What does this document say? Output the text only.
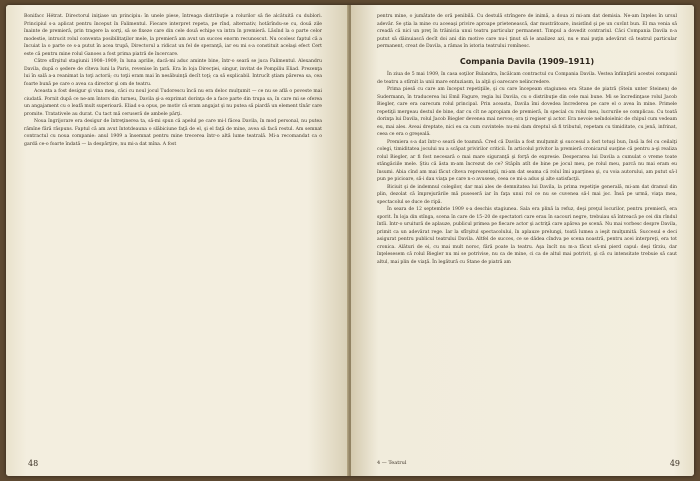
Bonifacc Hétrat. Directorul iniţiase un principiu: în unele piese, întreaga distribuţie a rolurilor să fie alcătuită cu dublori. Principiul s-a aplicat pentru început în Falimentul. Fiecare interpret repeta, pe rînd, alternativ, hotărîndu-se cu, două zile înainte de premieră, prin tragere la sorţi, să se fixeze care din cele două echipe va intra în premieră. Lăsînd la o parte celor modestie, intrucit rolul conventa posibilitaţilor mele, la premieră am avut un succes enorm recunoscut. Nu ocolesc faptul că a încuiat la o parte ce s-a putut în acea trupă, Directorul a ridicat un fel de speranţă, iar eu mi s-a constituit acelaşi efect Cert este că pentru mine rolul Ganoes a fost prima piatră de încercare.

Către sfîrşitul stagiunii 1908–1909, în luna aprilie, dacă-mi aduc aminte bine, într-o seară se juca Falimentul. Alexandru Davila, după o şedere de cîteva luni la Paris, revenise în ţară. Era în loja Direcţiei, singur, invitat de Pompiliu Eliad. Prezenţa lui în sală a-a reanimat la toţi actorii; cu toţii eram mai în nesăbuinţă decît toţi; ca să explicabil. Intrucît ştiam părerea sa, cea foarte bună pe care o avea ca director şi om de teatru.

Aceasta a fost desigur şi vina mea, căci cu noul jocul Tudorescu încă nu era deloc mulţumit — ce nu se află o poveste mai ciudată. Pornit după ce ne-am întors din turneu, Davila şi-a exprimat dorinţa de a face parte din trupa sa, în care mi se oferea un angajament cu o leafă mult superioară. Eliad s-a opus, pe motiv că eram angajat şi nu putea să piardă un element tînăr care promite. Tratativele au durat. Cu tact mă ceruseră de ambele părţi.

Noua îngrijorare era desigur de întreţinerea ta, să-mi spun că apelul pe care mi-l făcea Davila, în mod personal, nu putea rămîne fără răspuns. Faptul că am avut întotdeauna o slăbiciune faţă de el, şi el faţă de mine, avea să facă restul. Am semnat contractul cu noua companie: anul 1909 a însemnat pentru mine trecerea într-o altă lume teatrală. Mi-a recomandat ca o gardă ce-o foarte îndată — la despărţire, nu mi-a dat mîna. A fost

48

pentru mine, o jumătate de oră penibilă. Cu destulă strîngere de inimă, a doua zi mi-am dat demisia. Ne-am înţeles în ursul adevăr. Se ştia la mine cu aceeaşi privire aproape prietenească, dar mustrătoare, insistînd şi pe un cuvînt bun. El ma venia să creadă că nici un preţ în trăinicia unui teatru particular permanent. Timpul a dovedit contrariul. Căci Compania Davila n-a putut să dăinuiască decît doi ani din motive care nu-i ţinut să le analizez azi, nu e mai puţin adevărat că teatrul particular permanent, creat de Davila, a rămas în istoria teatrului romînesc.

Compania Davila (1909–1911)

În ziua de 5 mai 1909, în casa soţilor Bulandra, încălcam contractul cu Compania Davila. Vestea înfiinţării acestei companii de teatru a stîrnit la unii mare entuziasm, la alţii şi oarecare nelincredere.

Prima piesă cu care am început repetiţiile, şi cu care începeam stagiunea era Stane de piatră (Stein unter Steinen) de Sudermann, în traducerea lui Emil Fagure, regia lui Davila, cu o distribuţie din cele mai bune. Mi se încredinţase rolul Jacob Biegler, care era oarecum rolul principal. Prin aceasta, Davila îmi dovedea încrederea pe care el o avea în mine. Primele repetiţii mergeau destul de bine, dar cu cît ne apropiam de premieră, în special cu rolul meu, lucrurile se complicau. Cu toată dorinţa lui Davila, rolul Jacob Biegler devenea mai nervos; ora ţi regiser şi actor. Era nevoie neîndoielnic de chipul cum vedeam eu, mai ales. Aveai dreptate, nici eu ca cum cuvintele: nu-mi dam dreptul să fi tributul, repetam cu timiditate, cu jenă, infrinat, ceea ce era o greşeală.

Premiera s-a dat într-o seară de toamnă. Cred că Davila a fost mulţumit şi succesul a fost totuşi bun, însă la fel cu ceilalţi colegi, timiditatea jocului nu a scăpat privirilor criticii. În articolul privitor la premieră cronicarul susţine că pentru a-şi realiza rolul Biegler, ar fi fost necesară o mai mare siguranţă şi forţă de expresie. Desperarea lui Davila a cumulat o vreme toate stăngăciile mele. Ştiu că ăsta m-am încrezut de ce? Stăpîn atît de bine pe jocul meu, pe rolul meu, parcă nu mai eram eu însumi. Abia cînd am mai făcut cîteva reprezentaţii, mi-am dat seama că rolul îmi aparţinea şi, cu voia autorului, am putut să-l pun pe picioare, să-i dau viaţa pe care n-o avusese, ceea ce mi-a adus şi alte satisfacţii.

Biciuit şi de indemnul colegilor, dar mai ales de demnitatea lui Davila, la prima repetiţie generală, mi-am dat dramul din plin, dezolat că împrejurările mă puseseră iar în faţa unui rol ce nu se cuvenea să-l mai joc. Însă pe urmă, viaţa mea, spectacolul se duce de ripă.

În seara de 12 septembrie 1909 s-a deschis stagiunea. Sala era plină la refuz, deşi preţul locurilor, pentru premieră, era sporit. În loja din stînga, scena în care de 15–20 de spectatori care erau în sacouri negre, trebuiau să întreacă pe cei din rîndul întîi. Intr-o uruitură de aplauze, publicul primea pe fiecare actor şi actriţă care apărea pe scenă. Nu mai vorbesc despre Davila, primit ca un adevărat rege. Iar la sfîrşitul spectacolului, în aplauze prelungi, toată lumea a ieşit mulţumită. Succesul e deci asigurat pentru publicul teatrului Davila. Altfel de succes, ce se dădea cîndva pe scena noastră, pentru acei interpreţi, era tot cronica. Alături de ei, cu mai mult noroc, fără poate la teatru. Aşa încît nu m-a făcut să-mi pierd capul: deşi tîrziu, dar înţelesesem că rolul Biegler nu mi se potrivise, nu ca de mine, ci ca de altul mai potrivit, şi că cu intensitate trebuie să caut altul, mai plin de viaţă. În legătură cu Stane de piatră am

4 — Teatrul	49
